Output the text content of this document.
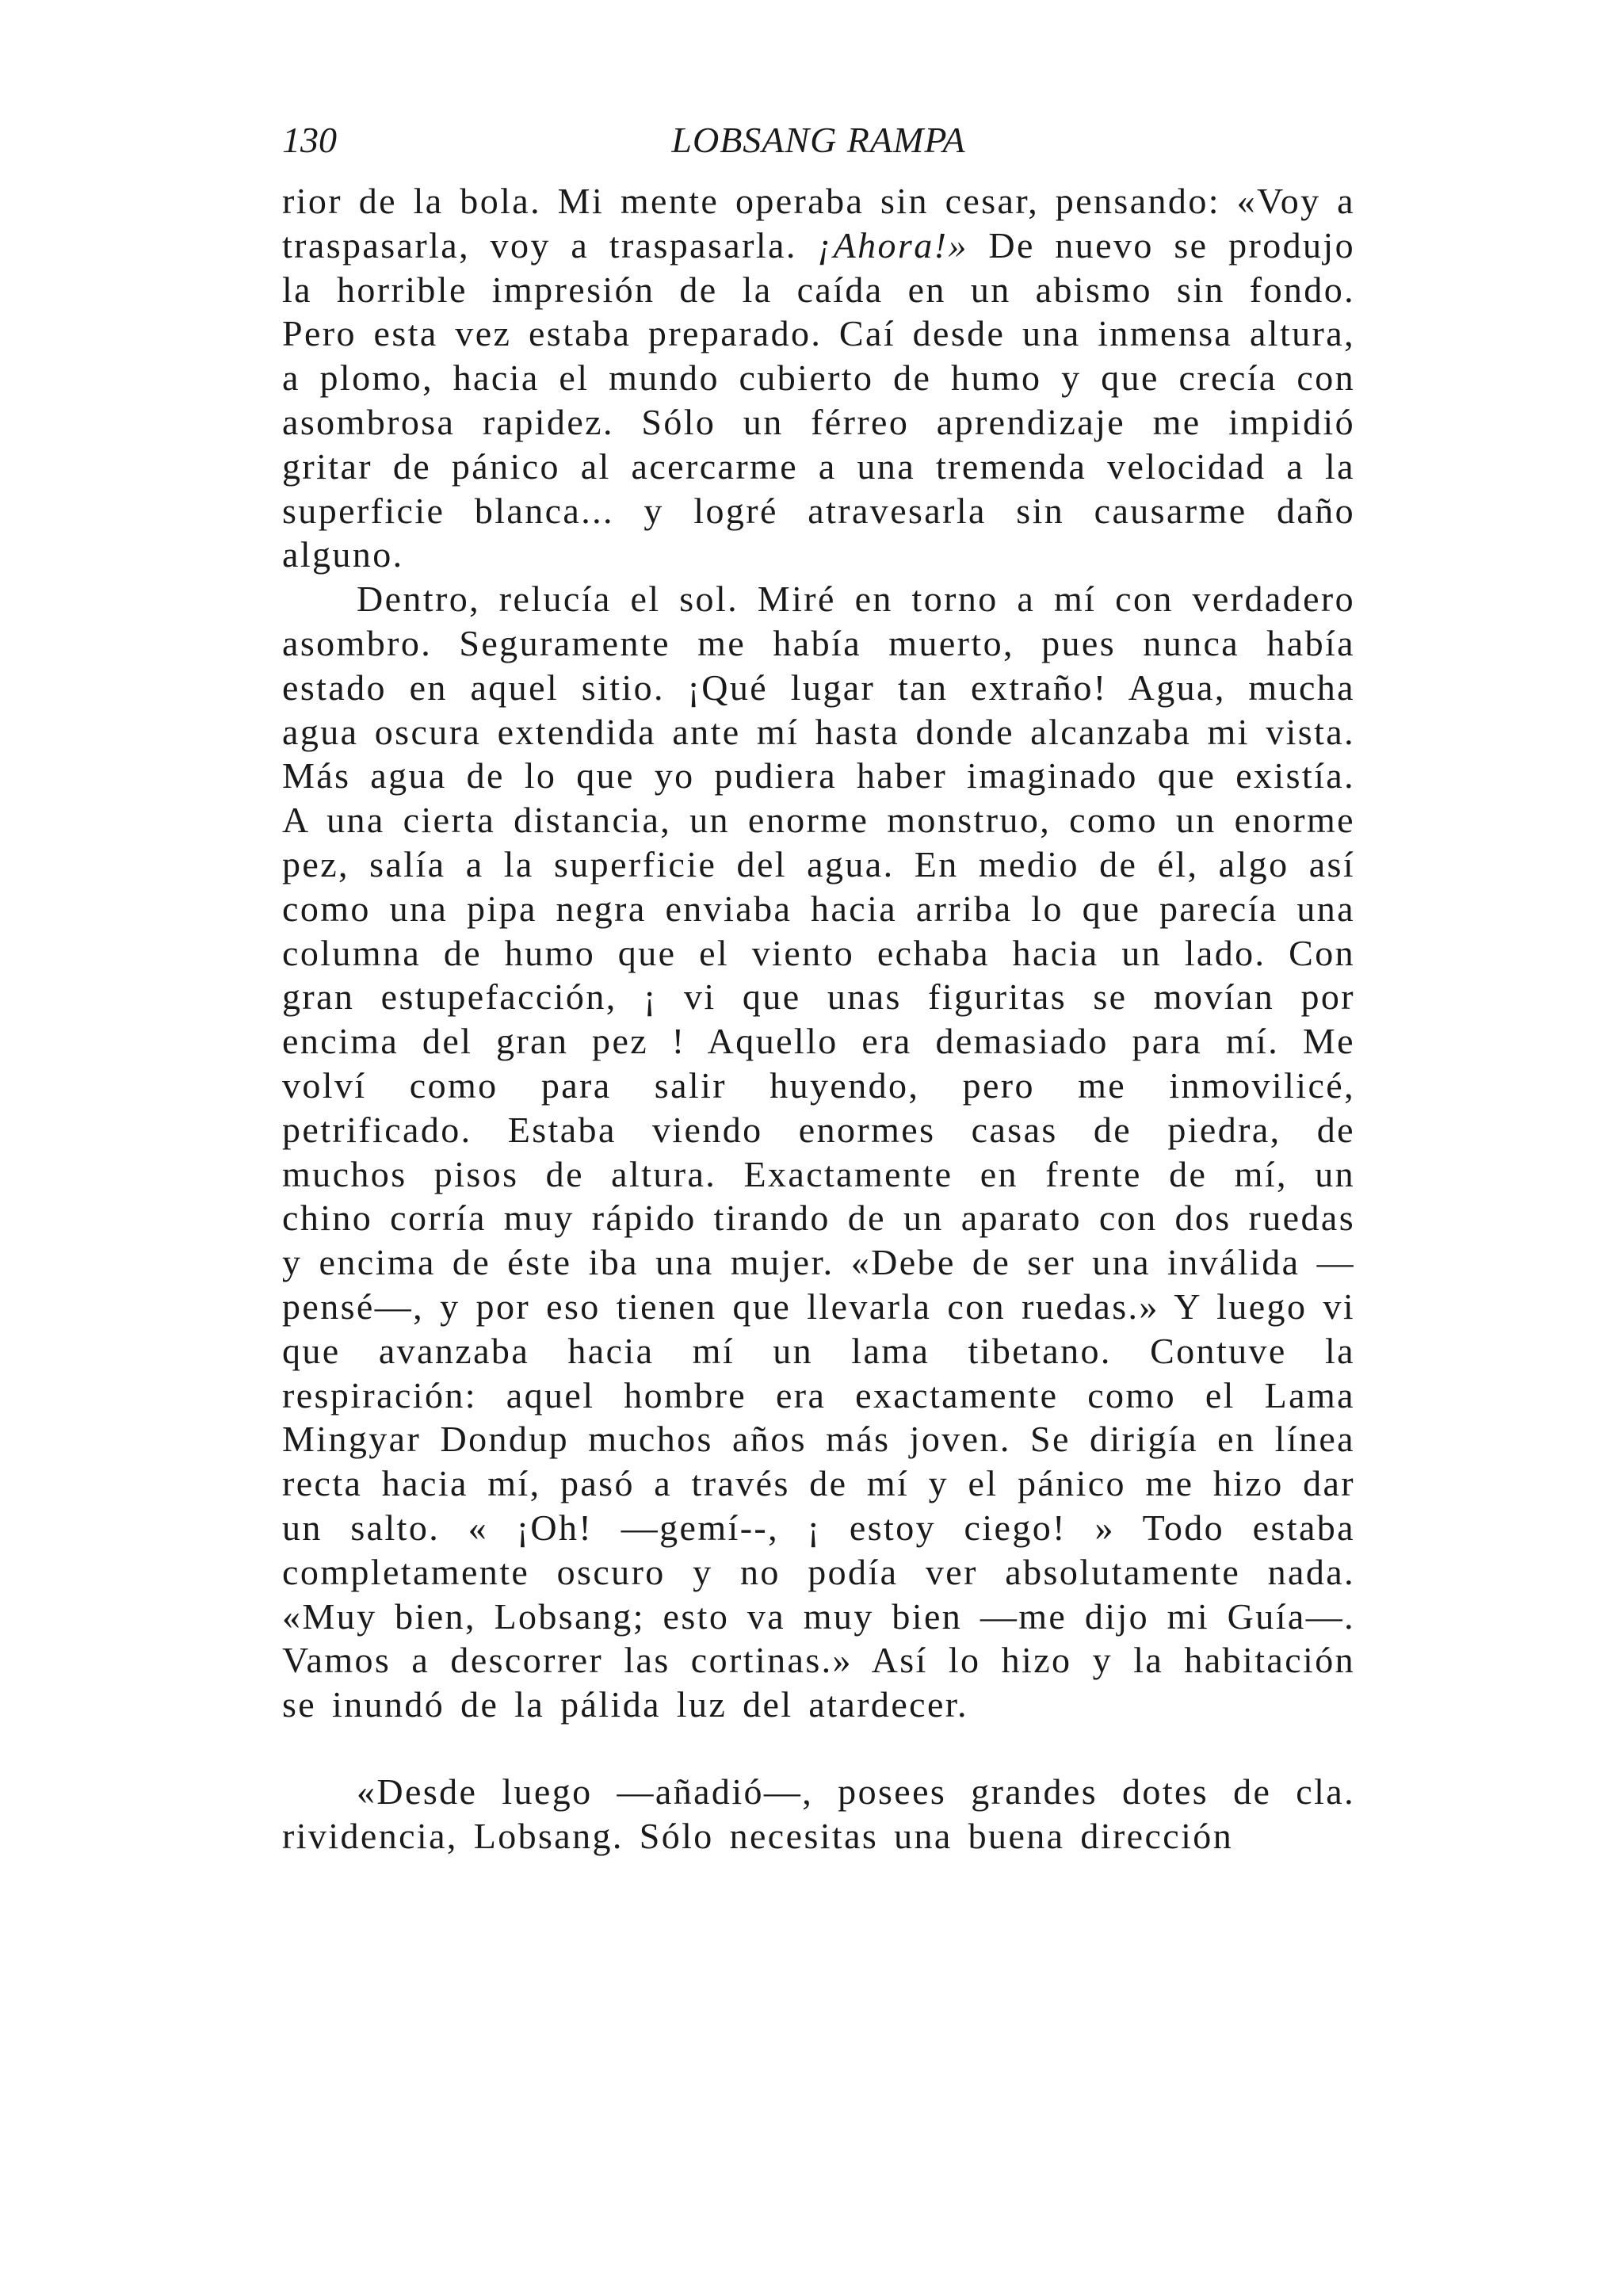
130	LOBSANG RAMPA

rior de la bola. Mi mente operaba sin cesar, pensando: «Voy a traspasarla, voy a traspasarla. ¡Ahora!» De nuevo se produjo la horrible impresión de la caída en un abismo sin fondo. Pero esta vez estaba preparado. Caí desde una inmensa altura, a plomo, hacia el mundo cubierto de humo y que crecía con asombrosa rapidez. Sólo un férreo aprendizaje me impidió gritar de pánico al acercarme a una tremenda velocidad a la superficie blanca... y logré atravesarla sin causarme daño alguno.

Dentro, relucía el sol. Miré en torno a mí con verdadero asombro. Seguramente me había muerto, pues nunca había estado en aquel sitio. ¡Qué lugar tan extraño! Agua, mucha agua oscura extendida ante mí hasta donde alcanzaba mi vista. Más agua de lo que yo pudiera haber imaginado que existía. A una cierta distancia, un enorme monstruo, como un enorme pez, salía a la superficie del agua. En medio de él, algo así como una pipa negra enviaba hacia arriba lo que parecía una columna de humo que el viento echaba hacia un lado. Con gran estupefacción, ¡ vi que unas figuritas se movían por encima del gran pez ! Aquello era demasiado para mí. Me volví como para salir huyendo, pero me inmovilicé, petrificado. Estaba viendo enormes casas de piedra, de muchos pisos de altura. Exactamente en frente de mí, un chino corría muy rápido tirando de un aparato con dos ruedas y encima de éste iba una mujer. «Debe de ser una inválida —pensé—, y por eso tienen que llevarla con ruedas.» Y luego vi que avanzaba hacia mí un lama tibetano. Contuve la respiración: aquel hombre era exactamente como el Lama Mingyar Dondup muchos años más joven. Se dirigía en línea recta hacia mí, pasó a través de mí y el pánico me hizo dar un salto. « ¡Oh! —gemí--, ¡ estoy ciego! » Todo estaba completamente oscuro y no podía ver absolutamente nada. «Muy bien, Lobsang; esto va muy bien —me dijo mi Guía—. Vamos a descorrer las cortinas.» Así lo hizo y la habitación se inundó de la pálida luz del atardecer.

«Desde luego —añadió—, posees grandes dotes de cla. rividencia, Lobsang. Sólo necesitas una buena dirección
